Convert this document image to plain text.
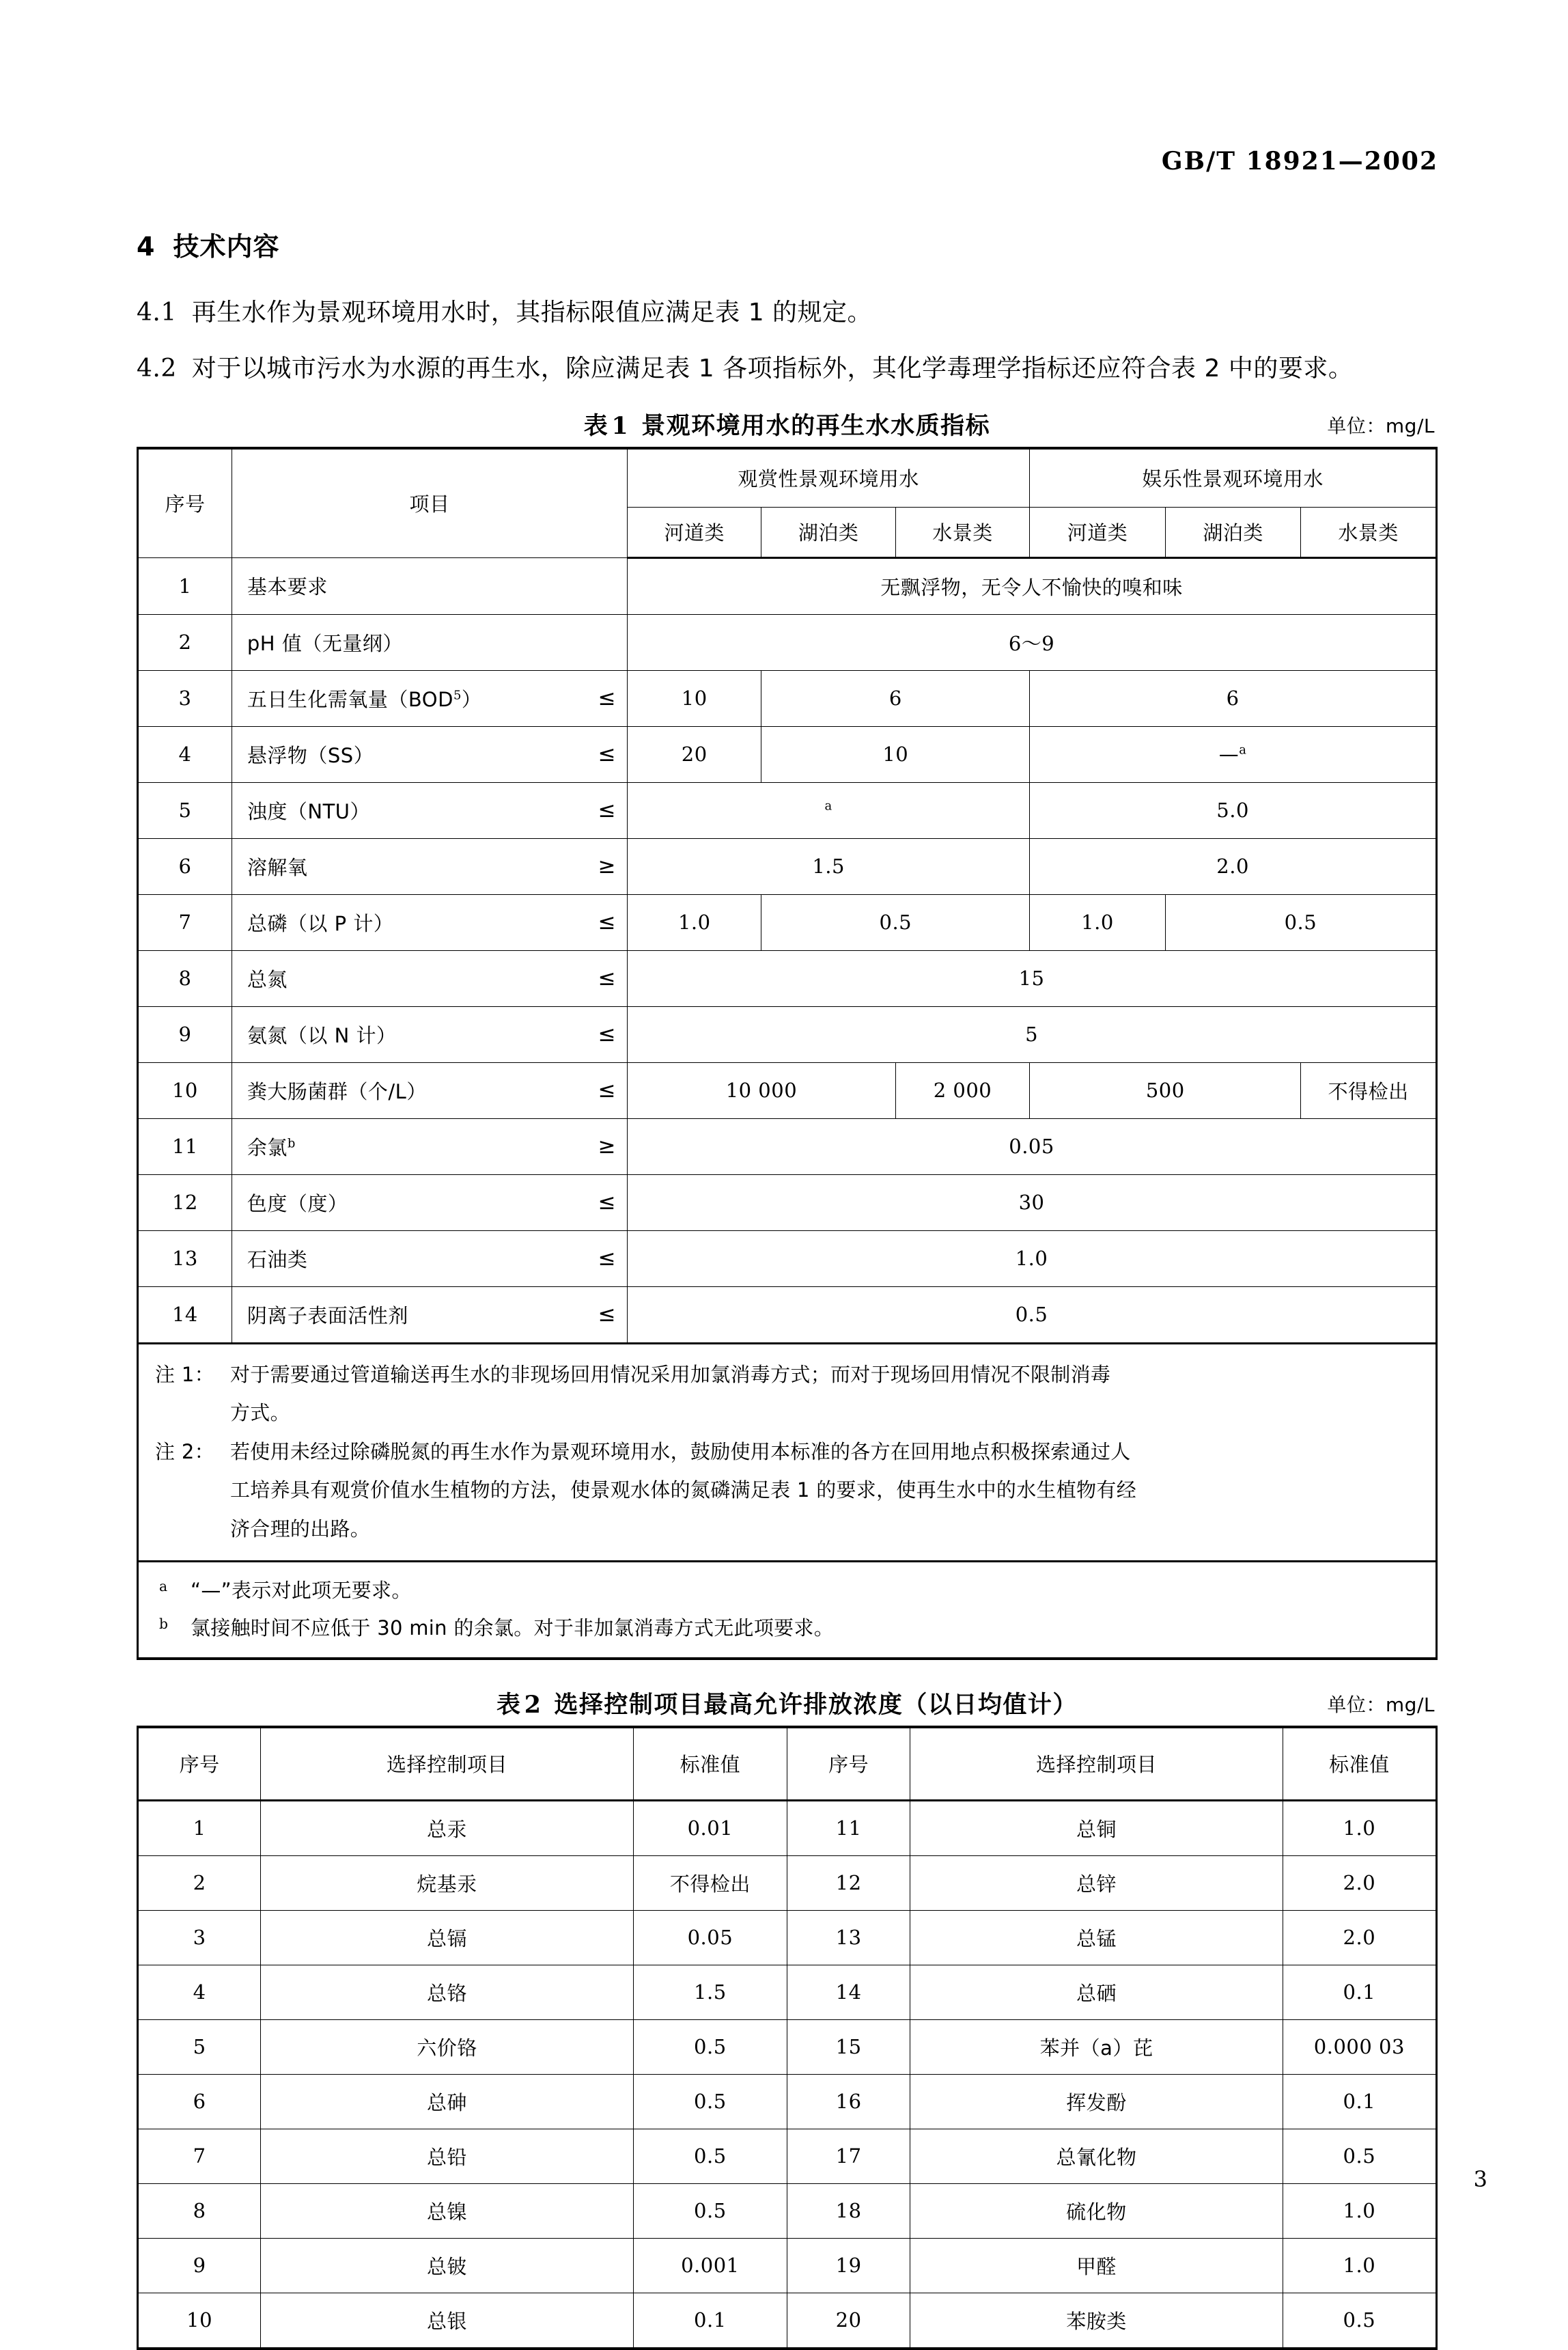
GB/T 18921—2002
4 技术内容

4.1 再生水作为景观环境用水时，其指标限值应满足表 1 的规定。

4.2 对于以城市污水为水源的再生水，除应满足表 1 各项指标外，其化学毒理学指标还应符合表 2 中的要求。

表 1 景观环境用水的再生水水质指标	单位：mg/L
序号	项目	观赏性景观环境用水			娱乐性景观环境用水		
		河道类	湖泊类	水景类	河道类	湖泊类	水景类
1	基本要求	无飘浮物，无令人不愉快的嗅和味					
2	pH 值（无量纲）	6～9					
3	五日生化需氧量（BOD$^5$） ≤	10	6		6		
4	悬浮物（SS） ≤	20	10		—$^a$
5	浊度（NTU） ≤	$^a$			5.0		
6	溶解氧 ≥	1.5			2.0		
7	总磷（以 P 计） ≤	1.0	0.5		1.0	0.5	
8	总氮 ≤	15					
9	氨氮（以 N 计） ≤	5					
10	粪大肠菌群（个/L） ≤	10 000		2 000	500		不得检出
11	余氯$^b$ ≥	0.05					
12	色度（度） ≤	30					
13	石油类 ≤	1.0					
14	阴离子表面活性剂 ≤	0.5					

注 1： 对于需要通过管道输送再生水的非现场回用情况采用加氯消毒方式；而对于现场回用情况不限制消毒
方式。
注 2： 若使用未经过除磷脱氮的再生水作为景观环境用水，鼓励使用本标准的各方在回用地点积极探索通过人
工培养具有观赏价值水生植物的方法，使景观水体的氮磷满足表 1 的要求，使再生水中的水生植物有经
济合理的出路。

a “—”表示对此项无要求。
b 氯接触时间不应低于 30 min 的余氯。对于非加氯消毒方式无此项要求。							
表 2 选择控制项目最高允许排放浓度（以日均值计）	单位：mg/L
序号	选择控制项目	标准值	序号	选择控制项目	标准值
1	总汞	0.01	11	总铜	1.0
2	烷基汞	不得检出	12	总锌	2.0
3	总镉	0.05	13	总锰	2.0
4	总铬	1.5	14	总硒	0.1
5	六价铬	0.5	15	苯并（a）芘	0.000 03
6	总砷	0.5	16	挥发酚	0.1
7	总铅	0.5	17	总氰化物	0.5
8	总镍	0.5	18	硫化物	1.0
9	总铍	0.001	19	甲醛	1.0
10	总银	0.1	20	苯胺类	0.5
3
